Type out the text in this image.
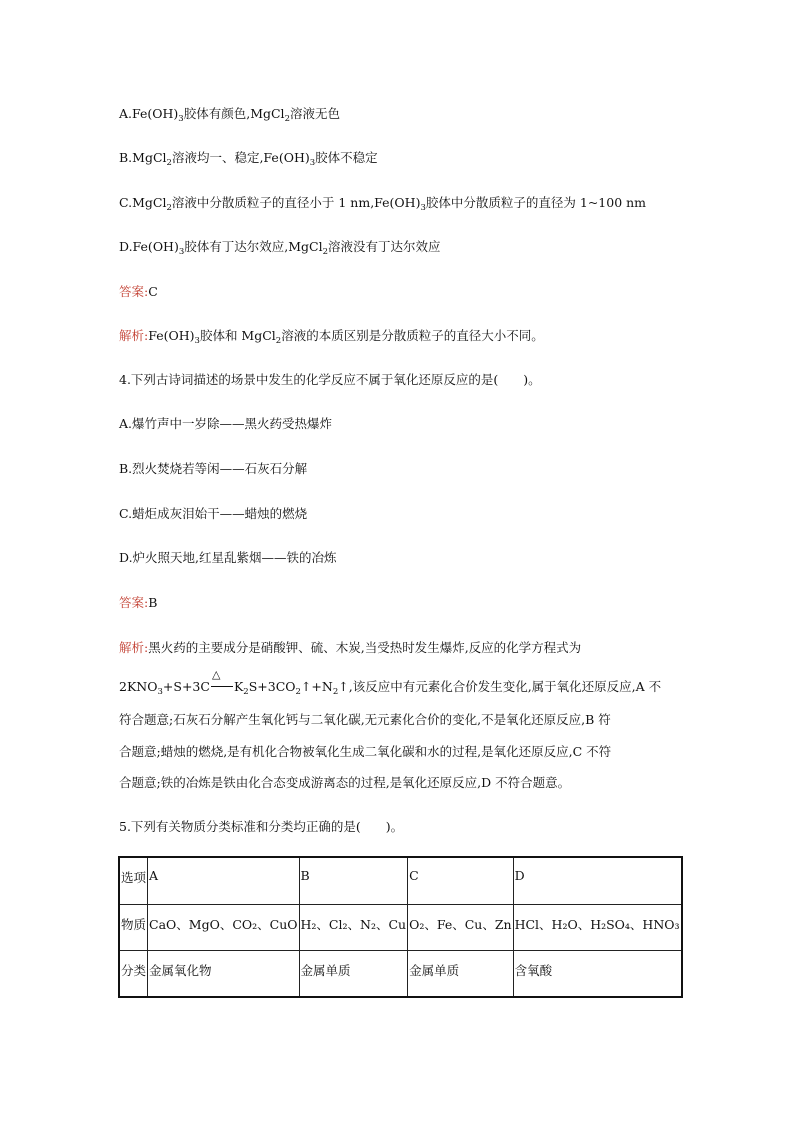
$A.Fe(OH)_3$胶体有颜色,MgCl$_2$溶液无色
B.MgCl$_2$溶液均一、稳定$,Fe(OH)_3$胶体不稳定
C.MgCl$_2$溶液中分散质粒子的直径小于 1 $nm,Fe(OH)_3$胶体中分散质粒子的直径为 1~100 nm
$D.Fe(OH)_3$胶体有丁达尔效应,MgCl$_2$溶液没有丁达尔效应
答案:C
解析$:Fe(OH)_3$胶体和 MgCl$_2$溶液的本质区别是分散质粒子的直径大小不同。
4.下列古诗词描述的场景中发生的化学反应不属于氧化还原反应的是(　　)。
A.爆竹声中一岁除——黑火药受热爆炸
B.烈火焚烧若等闲——石灰石分解
C.蜡炬成灰泪始干——蜡烛的燃烧
D.炉火照天地,红星乱紫烟——铁的冶炼
答案:B
解析:黑火药的主要成分是硝酸钾、硫、木炭,当受热时发生爆炸,反应的化学方程式为
$2KNO_3+S+3C$
△
$K_2S+3CO_2↑+N_2↑$,该反应中有元素化合价发生变化,属于氧化还原反应,A 不
符合题意;石灰石分解产生氧化钙与二氧化碳,无元素化合价的变化,不是氧化还原反应,B 符
合题意;蜡烛的燃烧,是有机化合物被氧化生成二氧化碳和水的过程,是氧化还原反应,C 不符
合题意;铁的冶炼是铁由化合态变成游离态的过程,是氧化还原反应,D 不符合题意。
5.下列有关物质分类标准和分类均正确的是(　　)。
选项	A	B	C	D
物质	CaO、MgO、CO₂、CuO	H₂、Cl₂、N₂、Cu	O₂、Fe、Cu、Zn	HCl、H₂O、H₂SO₄、HNO₃
分类	金属氧化物	金属单质	金属单质	含氧酸
